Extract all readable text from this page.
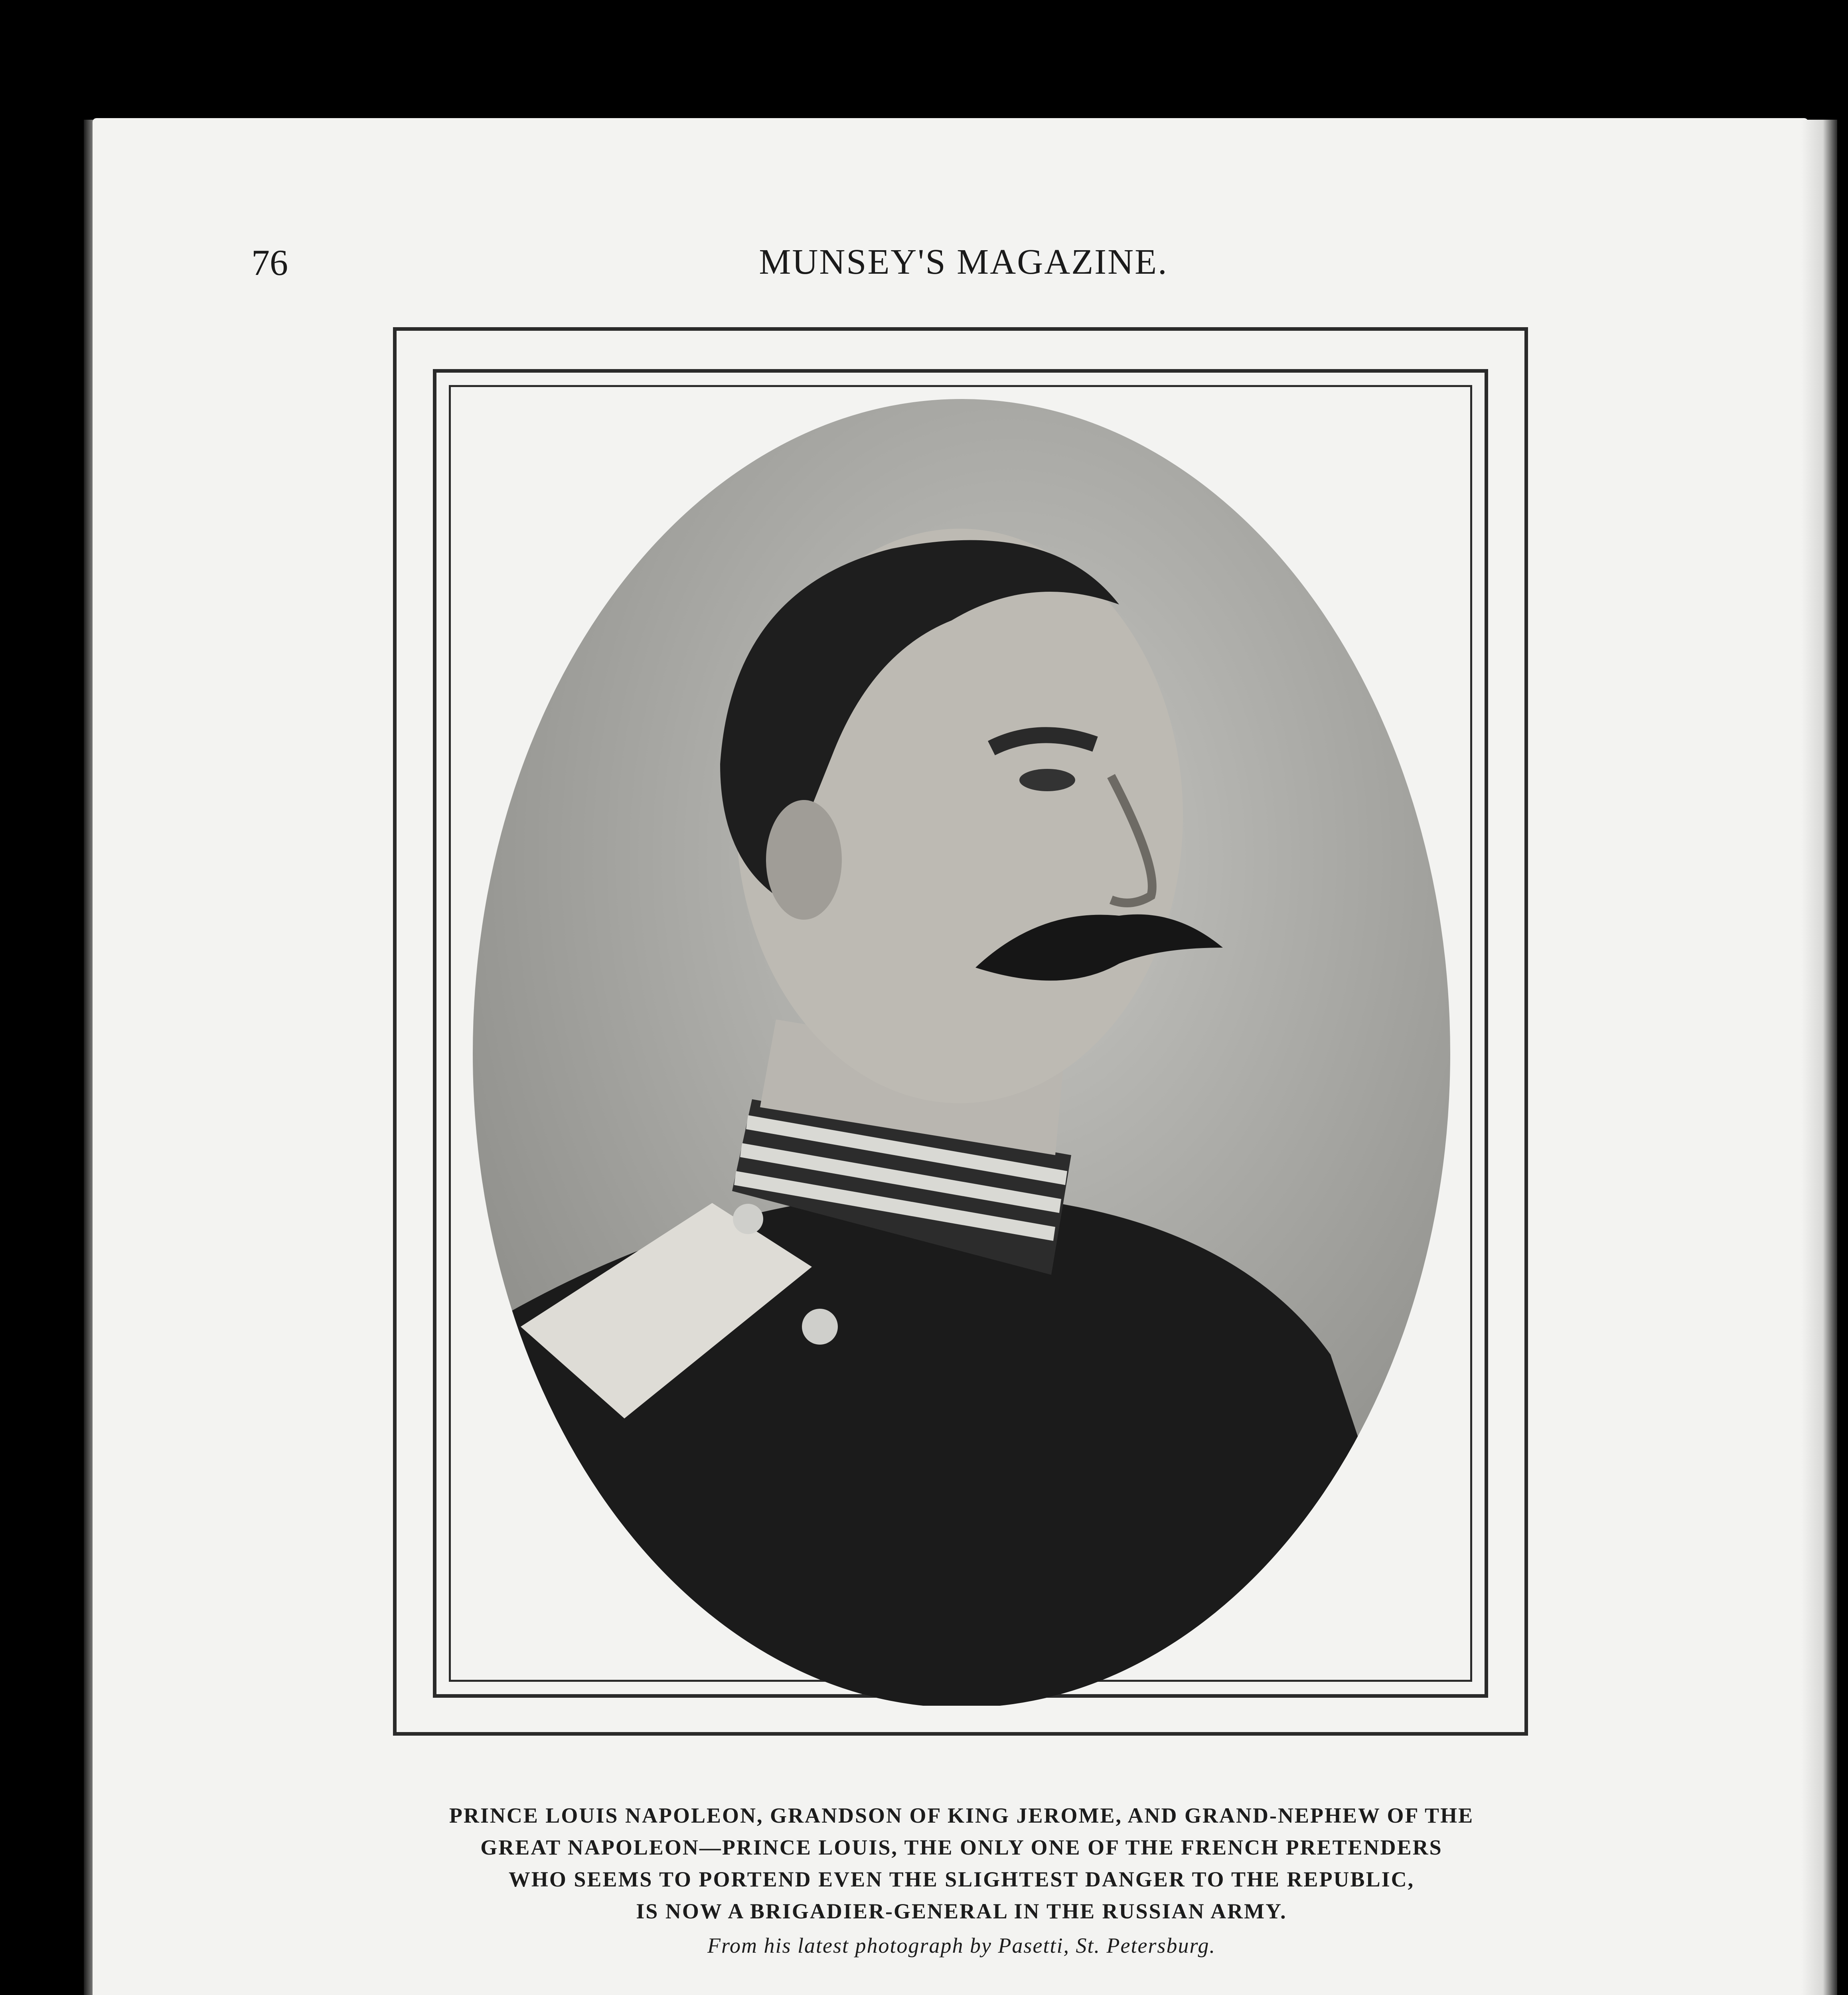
76	MUNSEY'S MAGAZINE.
PRINCE LOUIS NAPOLEON, GRANDSON OF KING JEROME, AND GRAND-NEPHEW OF THE
GREAT NAPOLEON—PRINCE LOUIS, THE ONLY ONE OF THE FRENCH PRETENDERS
WHO SEEMS TO PORTEND EVEN THE SLIGHTEST DANGER TO THE REPUBLIC,
IS NOW A BRIGADIER-GENERAL IN THE RUSSIAN ARMY.
From his latest photograph by Pasetti, St. Petersburg.
